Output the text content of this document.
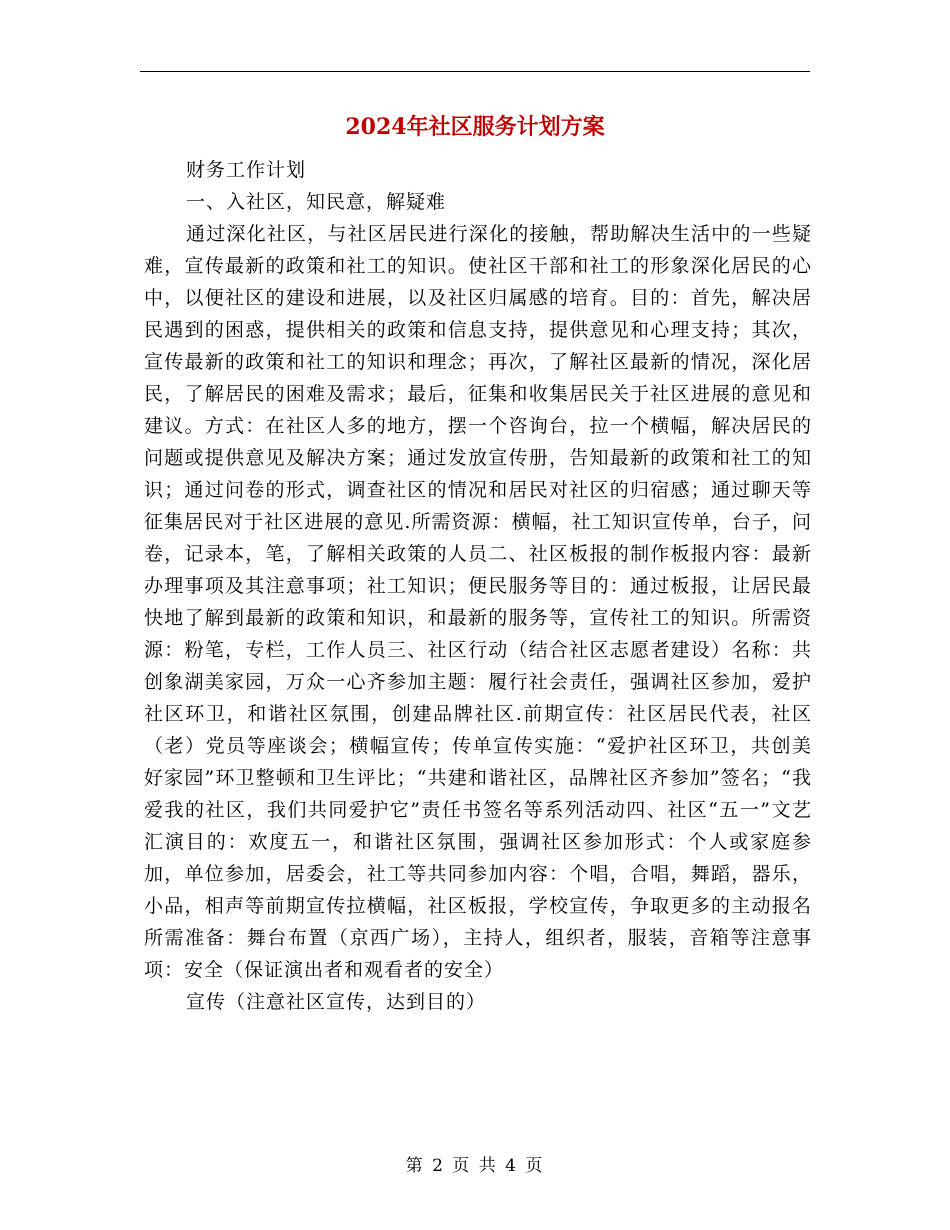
2024年社区服务计划方案

财务工作计划

一、入社区，知民意，解疑难

通过深化社区，与社区居民进行深化的接触，帮助解决生活中的一些疑难，宣传最新的政策和社工的知识。使社区干部和社工的形象深化居民的心中，以便社区的建设和进展，以及社区归属感的培育。目的：首先，解决居民遇到的困惑，提供相关的政策和信息支持，提供意见和心理支持；其次，宣传最新的政策和社工的知识和理念；再次，了解社区最新的情况，深化居民，了解居民的困难及需求；最后，征集和收集居民关于社区进展的意见和建议。方式：在社区人多的地方，摆一个咨询台，拉一个横幅，解决居民的问题或提供意见及解决方案；通过发放宣传册，告知最新的政策和社工的知识；通过问卷的形式，调查社区的情况和居民对社区的归宿感；通过聊天等征集居民对于社区进展的意见.所需资源：横幅，社工知识宣传单，台子，问卷，记录本，笔，了解相关政策的人员二、社区板报的制作板报内容：最新办理事项及其注意事项；社工知识；便民服务等目的：通过板报，让居民最快地了解到最新的政策和知识，和最新的服务等，宣传社工的知识。所需资源：粉笔，专栏，工作人员三、社区行动（结合社区志愿者建设）名称：共创象湖美家园，万众一心齐参加主题：履行社会责任，强调社区参加，爱护社区环卫，和谐社区氛围，创建品牌社区.前期宣传：社区居民代表，社区（老）党员等座谈会；横幅宣传；传单宣传实施：“爱护社区环卫，共创美好家园”环卫整顿和卫生评比；“共建和谐社区，品牌社区齐参加”签名；“我爱我的社区，我们共同爱护它”责任书签名等系列活动四、社区“五一”文艺汇演目的：欢度五一，和谐社区氛围，强调社区参加形式：个人或家庭参加，单位参加，居委会，社工等共同参加内容：个唱，合唱，舞蹈，器乐，小品，相声等前期宣传拉横幅，社区板报，学校宣传，争取更多的主动报名所需准备：舞台布置（京西广场），主持人，组织者，服装，音箱等注意事项：安全（保证演出者和观看者的安全）

宣传（注意社区宣传，达到目的）

第 2 页 共 4 页
